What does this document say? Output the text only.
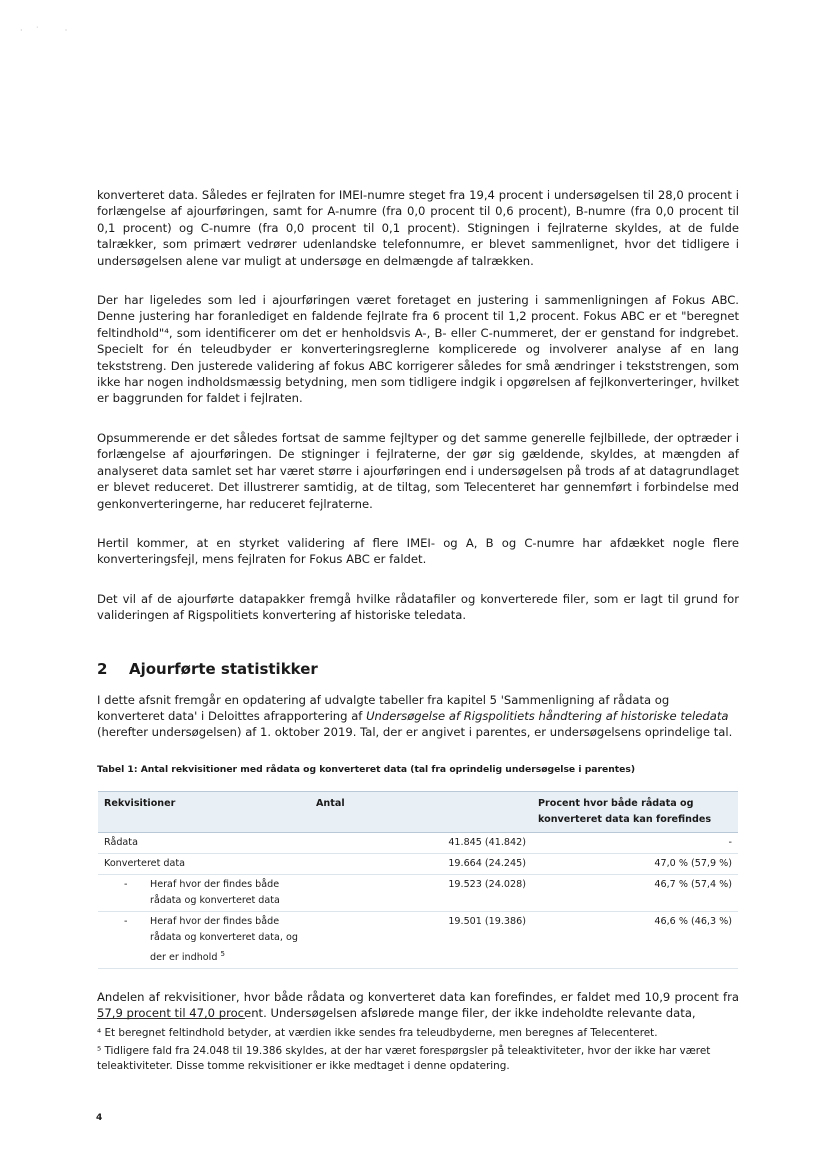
·     ˙          ·

konverteret data. Således er fejlraten for IMEI-numre steget fra 19,4 procent i undersøgelsen til 28,0 procent i forlængelse af ajourføringen, samt for A-numre (fra 0,0 procent til 0,6 procent), B-numre (fra 0,0 procent til 0,1 procent) og C-numre (fra 0,0 procent til 0,1 procent). Stigningen i fejlraterne skyldes, at de fulde talrækker, som primært vedrører udenlandske telefonnumre, er blevet sammenlignet, hvor det tidligere i undersøgelsen alene var muligt at undersøge en delmængde af talrækken.

Der har ligeledes som led i ajourføringen været foretaget en justering i sammenligningen af Fokus ABC. Denne justering har foranlediget en faldende fejlrate fra 6 procent til 1,2 procent. Fokus ABC er et "beregnet feltindhold"⁴, som identificerer om det er henholdsvis A-, B- eller C-nummeret, der er genstand for indgrebet. Specielt for én teleudbyder er konverteringsreglerne komplicerede og involverer analyse af en lang tekststreng. Den justerede validering af fokus ABC korrigerer således for små ændringer i tekststrengen, som ikke har nogen indholdsmæssig betydning, men som tidligere indgik i opgørelsen af fejlkonverteringer, hvilket er baggrunden for faldet i fejlraten.

Opsummerende er det således fortsat de samme fejltyper og det samme generelle fejlbillede, der optræder i forlængelse af ajourføringen. De stigninger i fejlraterne, der gør sig gældende, skyldes, at mængden af analyseret data samlet set har været større i ajourføringen end i undersøgelsen på trods af at datagrundlaget er blevet reduceret. Det illustrerer samtidig, at de tiltag, som Telecenteret har gennemført i forbindelse med genkonverteringerne, har reduceret fejlraterne.

Hertil kommer, at en styrket validering af flere IMEI- og A, B og C-numre har afdækket nogle flere konverteringsfejl, mens fejlraten for Fokus ABC er faldet.

Det vil af de ajourførte datapakker fremgå hvilke rådatafiler og konverterede filer, som er lagt til grund for valideringen af Rigspolitiets konvertering af historiske teledata.

2 Ajourførte statistikker

I dette afsnit fremgår en opdatering af udvalgte tabeller fra kapitel 5 'Sammenligning af rådata og konverteret data' i Deloittes afrapportering af Undersøgelse af Rigspolitiets håndtering af historiske teledata (herefter undersøgelsen) af 1. oktober 2019. Tal, der er angivet i parentes, er undersøgelsens oprindelige tal.

Tabel 1: Antal rekvisitioner med rådata og konverteret data (tal fra oprindelig undersøgelse i parentes)
Rekvisitioner	Antal	Procent hvor både rådata og konverteret data kan forefindes
Rådata	41.845 (41.842)	-
Konverteret data	19.664 (24.245)	47,0 % (57,9 %)
- Heraf hvor der findes både rådata og konverteret data	19.523 (24.028)	46,7 % (57,4 %)
- Heraf hvor der findes både rådata og konverteret data, og der er indhold $^5$	19.501 (19.386)	46,6 % (46,3 %)

Andelen af rekvisitioner, hvor både rådata og konverteret data kan forefindes, er faldet med 10,9 procent fra 57,9 procent til 47,0 procent. Undersøgelsen afslørede mange filer, der ikke indeholdte relevante data,

⁴ Et beregnet feltindhold betyder, at værdien ikke sendes fra teleudbyderne, men beregnes af Telecenteret.

⁵ Tidligere fald fra 24.048 til 19.386 skyldes, at der har været forespørgsler på teleaktiviteter, hvor der ikke har været teleaktiviteter. Disse tomme rekvisitioner er ikke medtaget i denne opdatering.

4
